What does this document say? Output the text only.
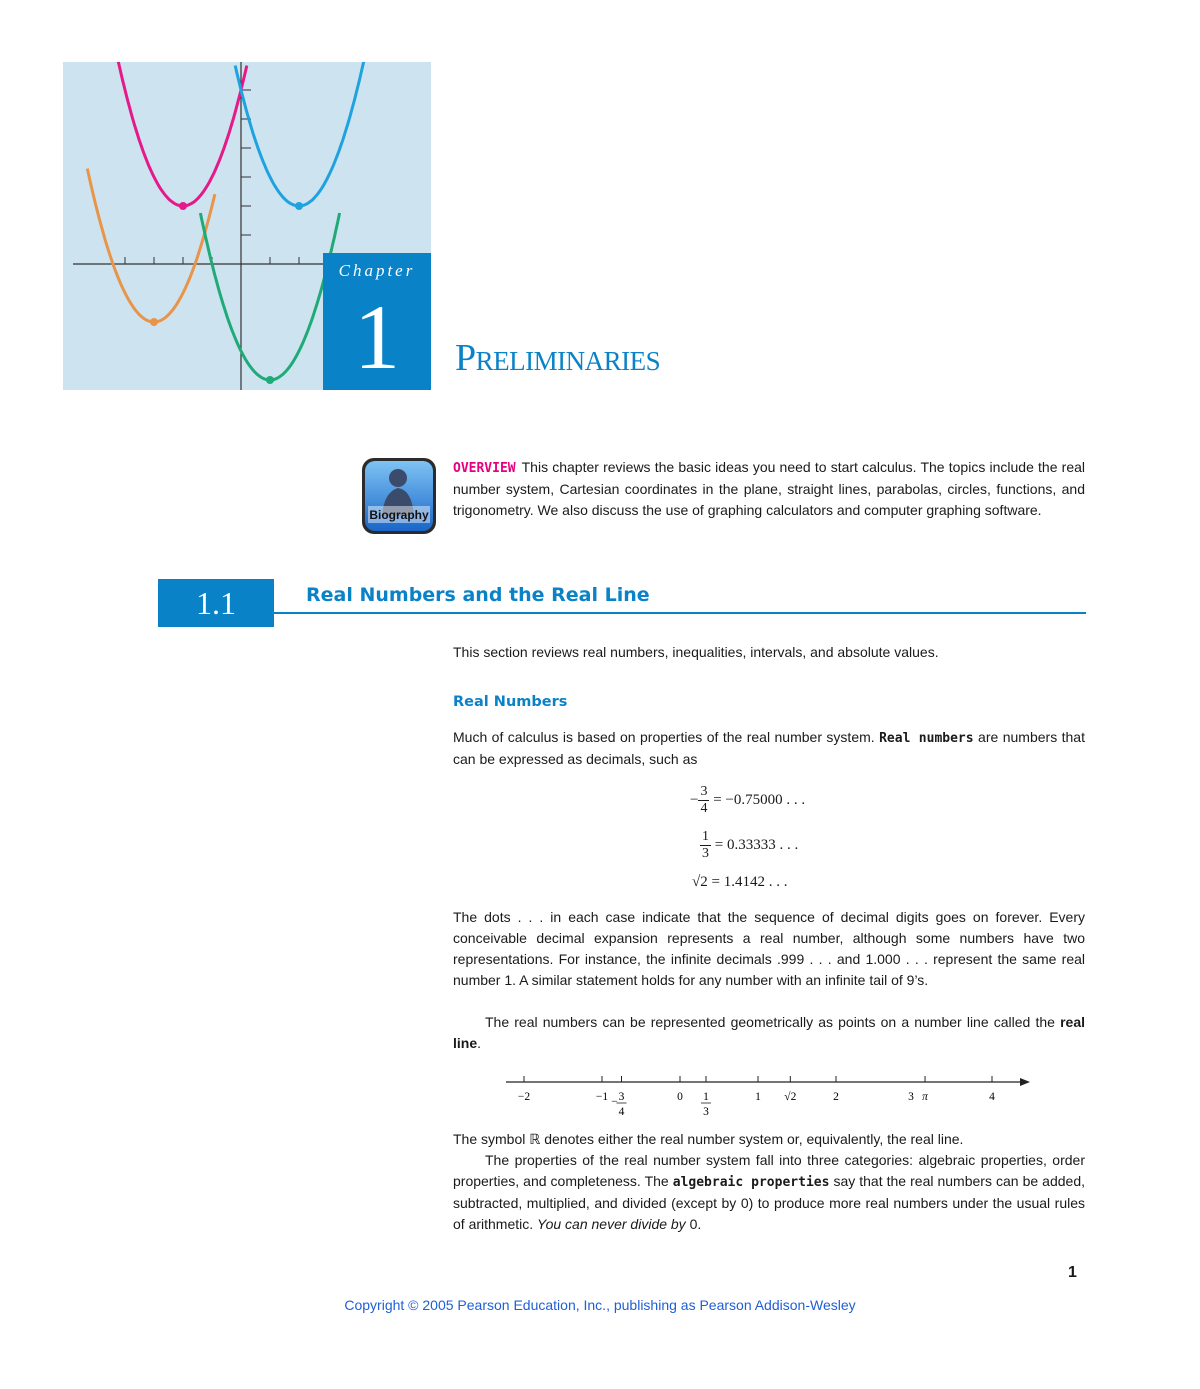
Chapter
1	Preliminaries
Biography
OVERVIEW This chapter reviews the basic ideas you need to start calculus. The topics include the real number system, Cartesian coordinates in the plane, straight lines, parabolas, circles, functions, and trigonometry. We also discuss the use of graphing calculators and computer graphing software.
1.1	Real Numbers and the Real Line
This section reviews real numbers, inequalities, intervals, and absolute values.
Real Numbers
Much of calculus is based on properties of the real number system. Real numbers are numbers that can be expressed as decimals, such as
− $\frac{3}{4} = -0.75000$ . . .
$\frac{1}{3} = 0.33333$ . . .
√2 = 1.4142 . . .
The dots . . . in each case indicate that the sequence of decimal digits goes on forever. Every conceivable decimal expansion represents a real number, although some numbers have two representations. For instance, the infinite decimals .999 . . . and 1.000 . . . represent the same real number 1. A similar statement holds for any number with an infinite tail of 9’s.
The real numbers can be represented geometrically as points on a number line called the real line.
−2	−1 − 3
4
0 1
3
1 √2	2	3 π	4
The symbol ℝ denotes either the real number system or, equivalently, the real line.
The properties of the real number system fall into three categories: algebraic properties, order properties, and completeness. The algebraic properties say that the real numbers can be added, subtracted, multiplied, and divided (except by 0) to produce more real numbers under the usual rules of arithmetic. You can never divide by 0.
1
Copyright © 2005 Pearson Education, Inc., publishing as Pearson Addison-Wesley
